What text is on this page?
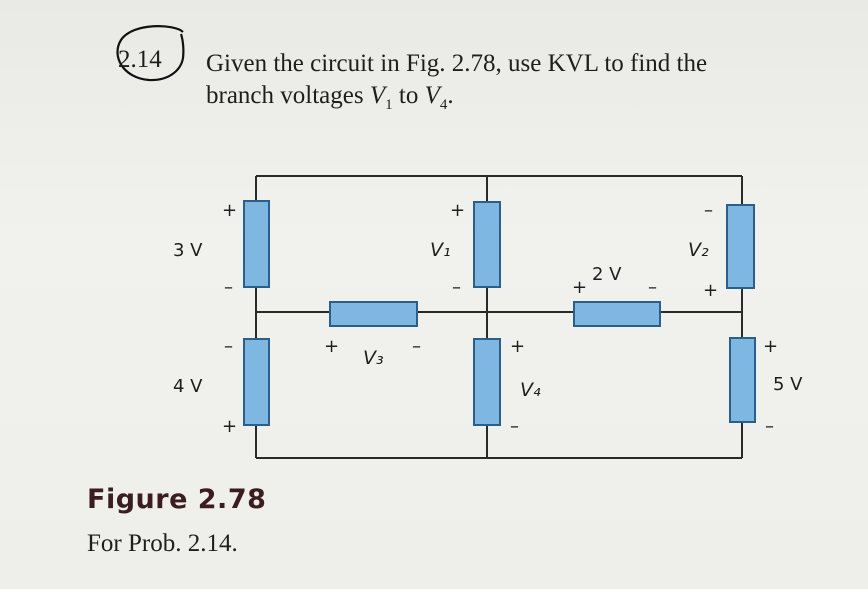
2.14 Given the circuit in Fig. 2.78, use KVL to find the
branch voltages $V_1$ to $V_4$.
3 V
4 V
2 V
5 V
V₁	V₂
V₃
V₄
+
–
–
+
+
–
–
+
+	–
+	–	+
–
+
–
Figure 2.78
For Prob. 2.14.
